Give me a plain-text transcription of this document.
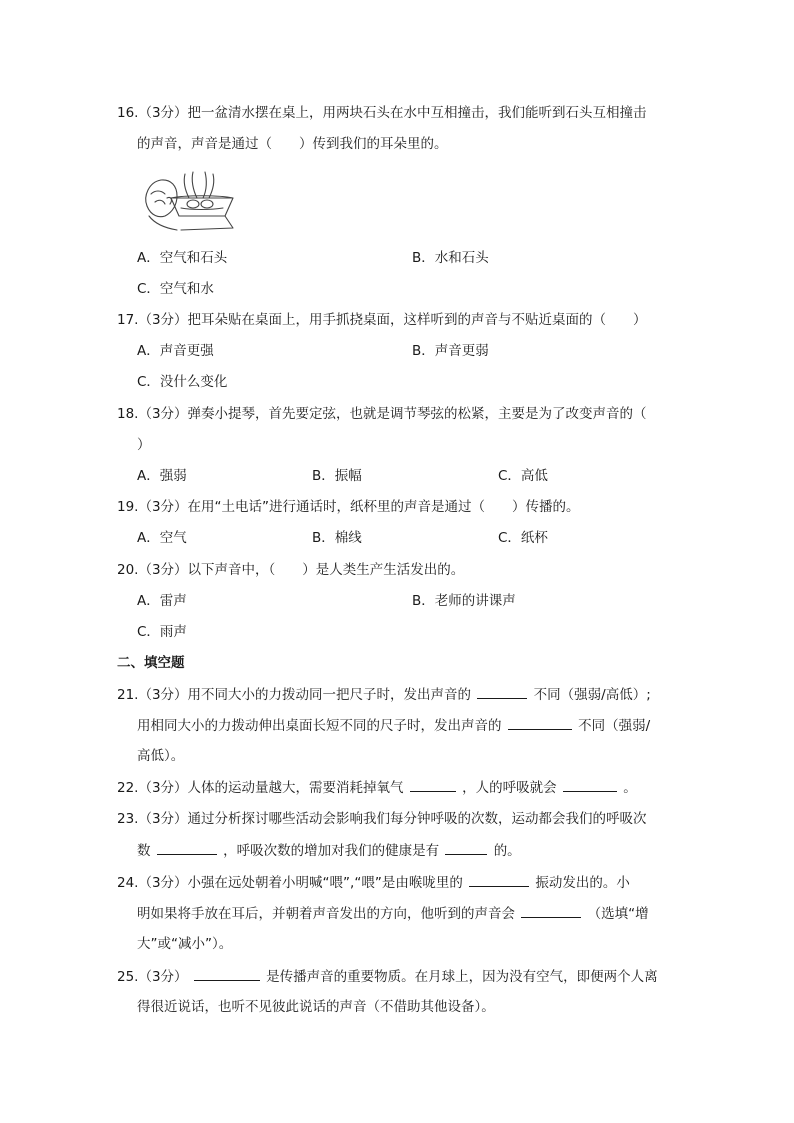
16.（3分）把一盆清水摆在桌上，用两块石头在水中互相撞击，我们能听到石头互相撞击
的声音，声音是通过（　　）传到我们的耳朵里的。
A．空气和石头	B．水和石头
C．空气和水
17.（3分）把耳朵贴在桌面上，用手抓挠桌面，这样听到的声音与不贴近桌面的（　　）
A．声音更强	B．声音更弱
C．没什么变化
18.（3分）弹奏小提琴，首先要定弦，也就是调节琴弦的松紧，主要是为了改变声音的（
）
A．强弱	B．振幅	C．高低
19.（3分）在用“土电话”进行通话时，纸杯里的声音是通过（　　）传播的。
A．空气	B．棉线	C．纸杯
20.（3分）以下声音中，（　　）是人类生产生活发出的。
A．雷声	B．老师的讲课声
C．雨声
二、填空题
21.（3分）用不同大小的力拨动同一把尺子时，发出声音的	不同（强弱/高低）;
用相同大小的力拨动伸出桌面长短不同的尺子时，发出声音的	不同（强弱/
高低）。
22.（3分）人体的运动量越大，需要消耗掉氧气	，人的呼吸就会	。
23.（3分）通过分析探讨哪些活动会影响我们每分钟呼吸的次数，运动都会我们的呼吸次
数	，呼吸次数的增加对我们的健康是有	的。
24.（3分）小强在远处朝着小明喊“喂”,“喂”是由喉咙里的	振动发出的。小
明如果将手放在耳后，并朝着声音发出的方向，他听到的声音会	（选填“增
大”或“减小”）。
25.（3分）	是传播声音的重要物质。在月球上，因为没有空气，即便两个人离
得很近说话，也听不见彼此说话的声音（不借助其他设备）。
